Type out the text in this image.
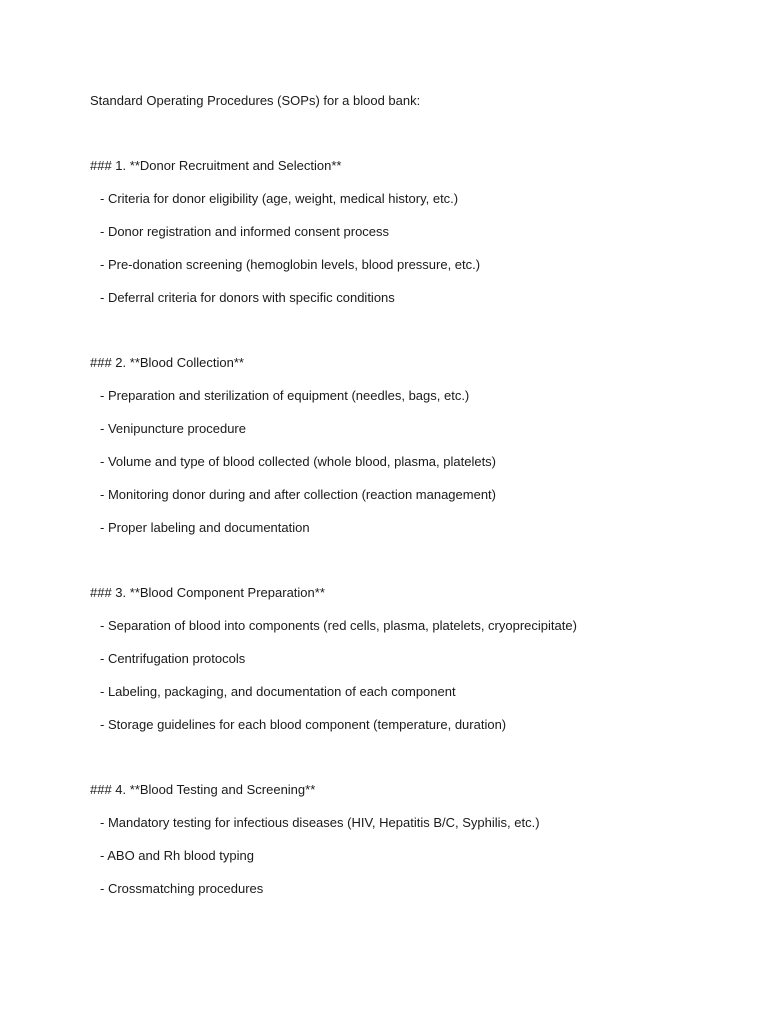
Standard Operating Procedures (SOPs) for a blood bank:

### 1. **Donor Recruitment and Selection**

- Criteria for donor eligibility (age, weight, medical history, etc.)

- Donor registration and informed consent process

- Pre-donation screening (hemoglobin levels, blood pressure, etc.)

- Deferral criteria for donors with specific conditions

### 2. **Blood Collection**

- Preparation and sterilization of equipment (needles, bags, etc.)

- Venipuncture procedure

- Volume and type of blood collected (whole blood, plasma, platelets)

- Monitoring donor during and after collection (reaction management)

- Proper labeling and documentation

### 3. **Blood Component Preparation**

- Separation of blood into components (red cells, plasma, platelets, cryoprecipitate)

- Centrifugation protocols

- Labeling, packaging, and documentation of each component

- Storage guidelines for each blood component (temperature, duration)

### 4. **Blood Testing and Screening**

- Mandatory testing for infectious diseases (HIV, Hepatitis B/C, Syphilis, etc.)

- ABO and Rh blood typing

- Crossmatching procedures
